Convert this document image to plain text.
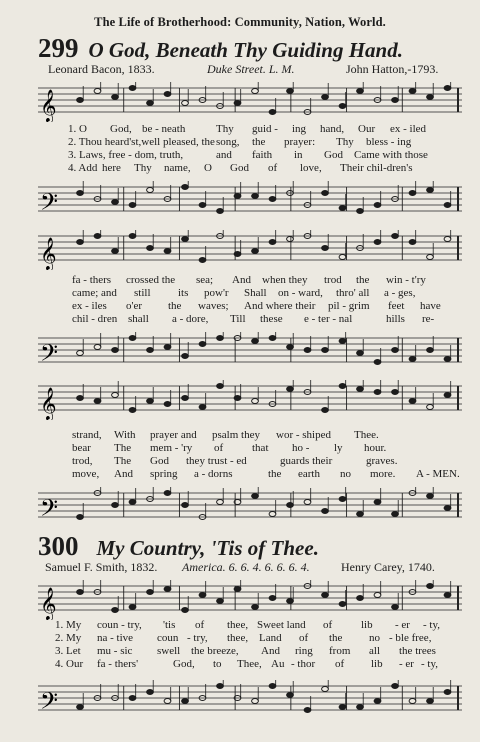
The Life of Brotherhood: Community, Nation, World.
299 O God, Beneath Thy Guiding Hand.
Leonard Bacon, 1833.	Duke Street. L. M.	John Hatton,-1793.
𝄞
1. O	God, be - neath	Thy	guid -	ing	hand,	Our	ex - iled
2. Thou heard'st,well pleased, the song,	the	prayer:	Thy	bless - ing
3. Laws, free - dom, truth,	and	faith	in	God	Came with those
4. Add here	Thy	name,	O	God	of	love,	Their chil-dren's
𝄢
𝄞
fa - thers	crossed the	sea;	And	when they	trod	the	win - t'ry
came; and	still	its	pow'r	Shall	on - ward,	thro' all	a - ges,
ex - iles	o'er	the	waves;	And where their	pil - grim	feet	have
chil - dren shall	a - dore,	Till	these	e - ter - nal	hills	re-
𝄢
𝄞
strand,	With	prayer and	psalm they	wor - shiped	Thee.
bear	The	mem - 'ry	of	that	ho -	ly	hour.
trod,	The	God	they trust - ed	guards their	graves.
move,	And	spring	a - dorns	the	earth	no	more.	A - MEN.
𝄢
300 My Country, 'Tis of Thee.
Samuel F. Smith, 1832. America. 6. 6. 4. 6. 6. 6. 4.	Henry Carey, 1740.
𝄞
1. My	coun - try,	'tis	of	thee, Sweet land	of	lib	- er	- ty,
2. My	na - tive	coun - try,	thee, Land	of	the	no - ble free,
3. Let	mu - sic	swell the breeze,	And	ring	from	all	the trees
4. Our	fa - thers'	God,	to	Thee, Au - thor	of	lib	- er - ty,
𝄢
